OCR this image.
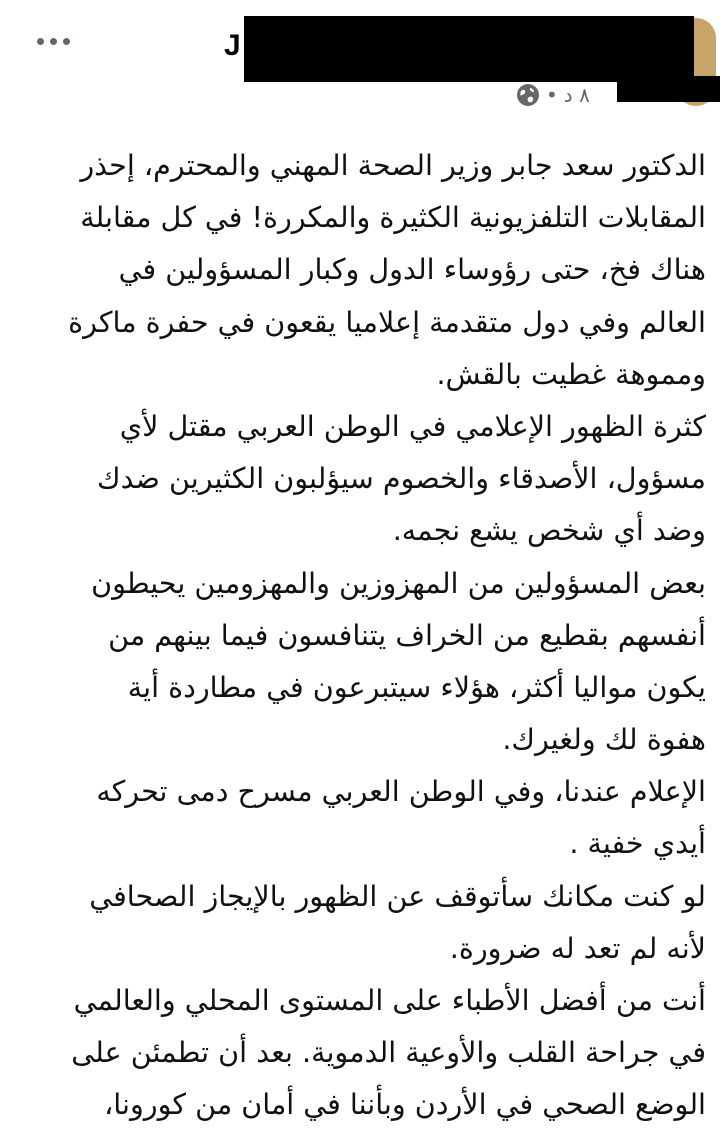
J
• ٨ د
الدكتور سعد جابر وزير الصحة المهني والمحترم، إحذر
المقابلات التلفزيونية الكثيرة والمكررة! في كل مقابلة
هناك فخ، حتى رؤوساء الدول وكبار المسؤولين في
العالم وفي دول متقدمة إعلاميا يقعون في حفرة ماكرة
ومموهة غطيت بالقش.
كثرة الظهور الإعلامي في الوطن العربي مقتل لأي
مسؤول، الأصدقاء والخصوم سيؤلبون الكثيرين ضدك
وضد أي شخص يشع نجمه.
بعض المسؤولين من المهزوزين والمهزومين يحيطون
أنفسهم بقطيع من الخراف يتنافسون فيما بينهم من
يكون مواليا أكثر، هؤلاء سيتبرعون في مطاردة أية
هفوة لك ولغيرك.
الإعلام عندنا، وفي الوطن العربي مسرح دمى تحركه
أيدي خفية .
لو كنت مكانك سأتوقف عن الظهور بالإيجاز الصحافي
لأنه لم تعد له ضرورة.
أنت من أفضل الأطباء على المستوى المحلي والعالمي
في جراحة القلب والأوعية الدموية. بعد أن تطمئن على
الوضع الصحي في الأردن وبأننا في أمان من كورونا،
